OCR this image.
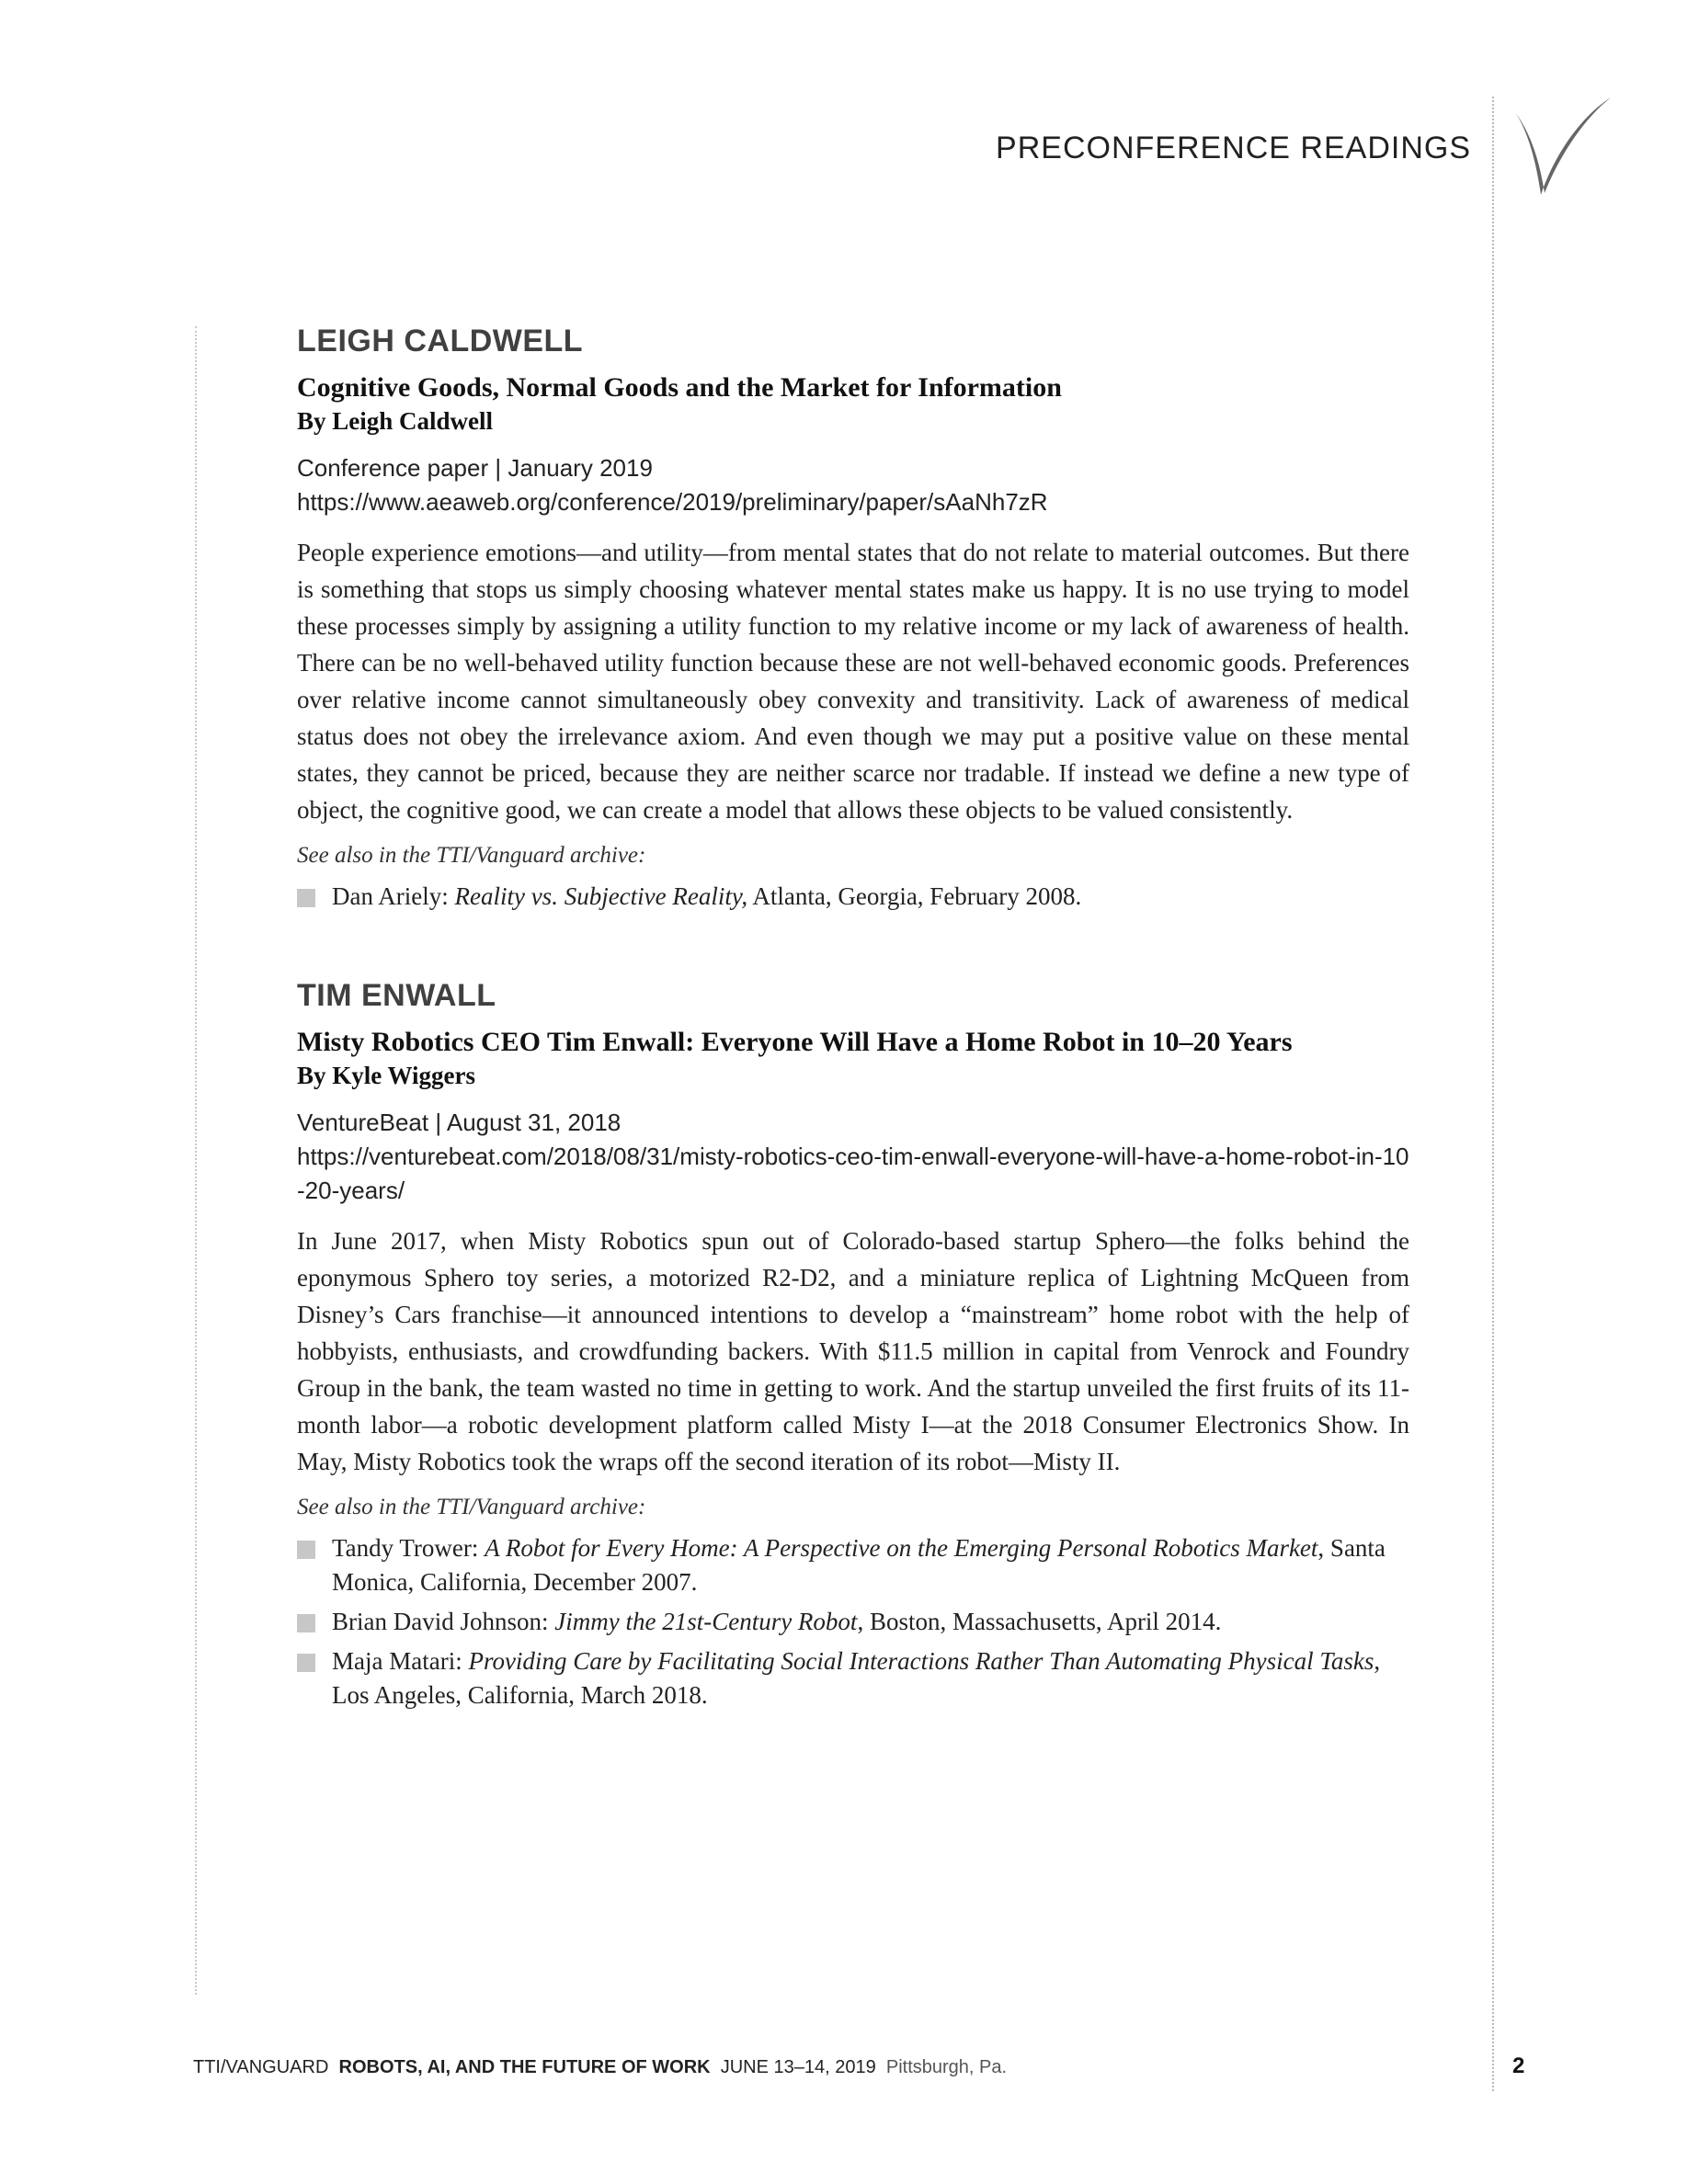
PRECONFERENCE READINGS
LEIGH CALDWELL
Cognitive Goods, Normal Goods and the Market for Information
By Leigh Caldwell
Conference paper | January 2019
https://www.aeaweb.org/conference/2019/preliminary/paper/sAaNh7zR

People experience emotions—and utility—from mental states that do not relate to material outcomes. But there is something that stops us simply choosing whatever mental states make us happy. It is no use trying to model these processes simply by assigning a utility function to my relative income or my lack of awareness of health. There can be no well-behaved utility function because these are not well-behaved economic goods. Preferences over relative income cannot simultaneously obey convexity and transitivity. Lack of awareness of medical status does not obey the irrelevance axiom. And even though we may put a positive value on these mental states, they cannot be priced, because they are neither scarce nor tradable. If instead we define a new type of object, the cognitive good, we can create a model that allows these objects to be valued consistently.

See also in the TTI/Vanguard archive:
Dan Ariely: Reality vs. Subjective Reality, Atlanta, Georgia, February 2008.
TIM ENWALL
Misty Robotics CEO Tim Enwall: Everyone Will Have a Home Robot in 10–20 Years
By Kyle Wiggers
VentureBeat | August 31, 2018
https://venturebeat.com/2018/08/31/misty-robotics-ceo-tim-enwall-everyone-will-have-a-home-robot-in-10-20-years/

In June 2017, when Misty Robotics spun out of Colorado-based startup Sphero—the folks behind the eponymous Sphero toy series, a motorized R2-D2, and a miniature replica of Lightning McQueen from Disney’s Cars franchise—it announced intentions to develop a “mainstream” home robot with the help of hobbyists, enthusiasts, and crowdfunding backers. With $11.5 million in capital from Venrock and Foundry Group in the bank, the team wasted no time in getting to work. And the startup unveiled the first fruits of its 11-month labor—a robotic development platform called Misty I—at the 2018 Consumer Electronics Show. In May, Misty Robotics took the wraps off the second iteration of its robot—Misty II.

See also in the TTI/Vanguard archive:
Tandy Trower: A Robot for Every Home: A Perspective on the Emerging Personal Robotics Market, Santa Monica, California, December 2007.
Brian David Johnson: Jimmy the 21st-Century Robot, Boston, Massachusetts, April 2014.
Maja Matari: Providing Care by Facilitating Social Interactions Rather Than Automating Physical Tasks, Los Angeles, California, March 2018.
TTI/VANGUARD ROBOTS, AI, AND THE FUTURE OF WORK JUNE 13–14, 2019 Pittsburgh, Pa.	2
